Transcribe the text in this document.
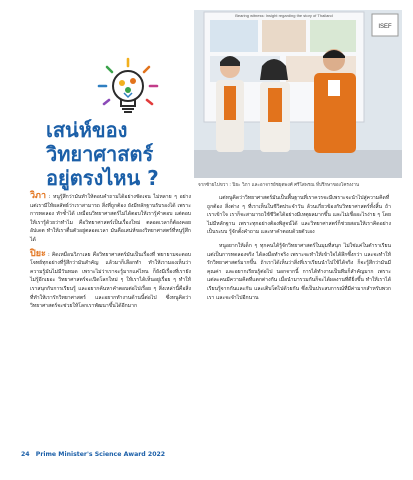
เสน่ห์ของ
วิทยาศาสตร์
อยู่ตรงไหน ?
ISEF
Bearing witness: Insight regarding the story of Thailand
จากซ้ายไปขวา : ปิยะ วิภา และอาจารย์ชยุตพงศ์ ศรีโสพรณ ที่ปรึกษาของโครงงาน

วิภา : หนูรู้สึกว่ามันทำให้ตอบคำถามได้อย่างชัดเจน ไม่หลาย ๆ อย่าง แต่เรามีให้ผลลัพธ์ว่าเราสามารถ สิ่งที่ถูกต้อง ยังมีหลักฐานรับรองได้ เพราะการทดลอง ทำซ้ำได้ เหมือนวิทยาศาสตร์ไม่ได้ตอบให้เรารู้คำตอบ แต่ตอบให้เรารู้ด้วยว่าทำไม คือวิทยาศาสตร์เป็นเรื่องใหม่ ตลอดเวลาก็ต้องคอยอัปเดต ทำให้เราตื่นตัวอยู่ตลอดเวลา มันคือเสน่ห์ของวิทยาศาสตร์ที่หนูรู้สึกได้

ปิยะ : คิดเหมือนวิภาเลย คือวิทยาศาสตร์มันเป็นเรื่องที่ พยายามจะตอบโจทย์ทุกอย่างที่รู้สึกว่ามันสำคัญ แล้วมาก็เลือกทำ ทำให้เรามองเห็นว่าความรู้มันไม่มีวันหมด เพราะไม่ว่าเราจะรู้มากแค่ไหน ก็ยังมีเรื่องที่เรายังไม่รู้อีกเยอะ วิทยาศาสตร์จะเปิดโลกใหม่ ๆ ให้เราได้เห็นอยู่เรื่อย ๆ ทำให้เราสนุกกับการเรียนรู้ และอยากค้นหาคำตอบต่อไปเรื่อย ๆ สิ่งเหล่านี้คือสิ่งที่ทำให้เรารักวิทยาศาสตร์ และอยากทำงานด้านนี้ต่อไป ซึ่งหนูคิดว่าวิทยาศาสตร์จะช่วยให้โลกเราพัฒนาขึ้นได้อีกมาก

แต่หนูคิดว่าวิทยาศาสตร์มันเป็นพื้นฐานที่เราควรจะมีเพราะจะนำไปสู่ความคิดที่ถูกต้อง สิ่งต่าง ๆ ที่เราเห็นในชีวิตประจำวัน ล้วนเกี่ยวข้องกับวิทยาศาสตร์ทั้งสิ้น ถ้าเราเข้าใจ เราก็จะสามารถใช้ชีวิตได้อย่างมีเหตุผลมากขึ้น และไม่เชื่ออะไรง่าย ๆ โดยไม่มีหลักฐาน เพราะทุกอย่างต้องพิสูจน์ได้ และวิทยาศาสตร์ก็ช่วยสอนให้เราคิดอย่างเป็นระบบ รู้จักตั้งคำถาม และหาคำตอบด้วยตัวเอง

หนูอยากให้เด็ก ๆ ทุกคนได้รู้จักวิทยาศาสตร์ในมุมที่สนุก ไม่ใช่แค่ในตำราเรียน แต่เป็นการทดลองจริง ได้ลงมือทำจริง เพราะจะทำให้เข้าใจได้ลึกซึ้งกว่า และจะทำให้รักวิทยาศาสตร์มากขึ้น ถ้าเราได้เห็นว่าสิ่งที่เราเรียนนำไปใช้ได้จริง ก็จะรู้สึกว่ามันมีคุณค่า และอยากเรียนรู้ต่อไป นอกจากนี้ การได้ทำงานเป็นทีมก็สำคัญมาก เพราะแต่ละคนมีความคิดที่แตกต่างกัน เมื่อนำมารวมกันก็จะได้ผลงานที่ดียิ่งขึ้น ทำให้เราได้เรียนรู้จากกันและกัน และเติบโตไปด้วยกัน ซึ่งเป็นประสบการณ์ที่มีค่ามากสำหรับพวกเรา และจะจำไปอีกนาน

24 Prime Minister's Science Award 2022
